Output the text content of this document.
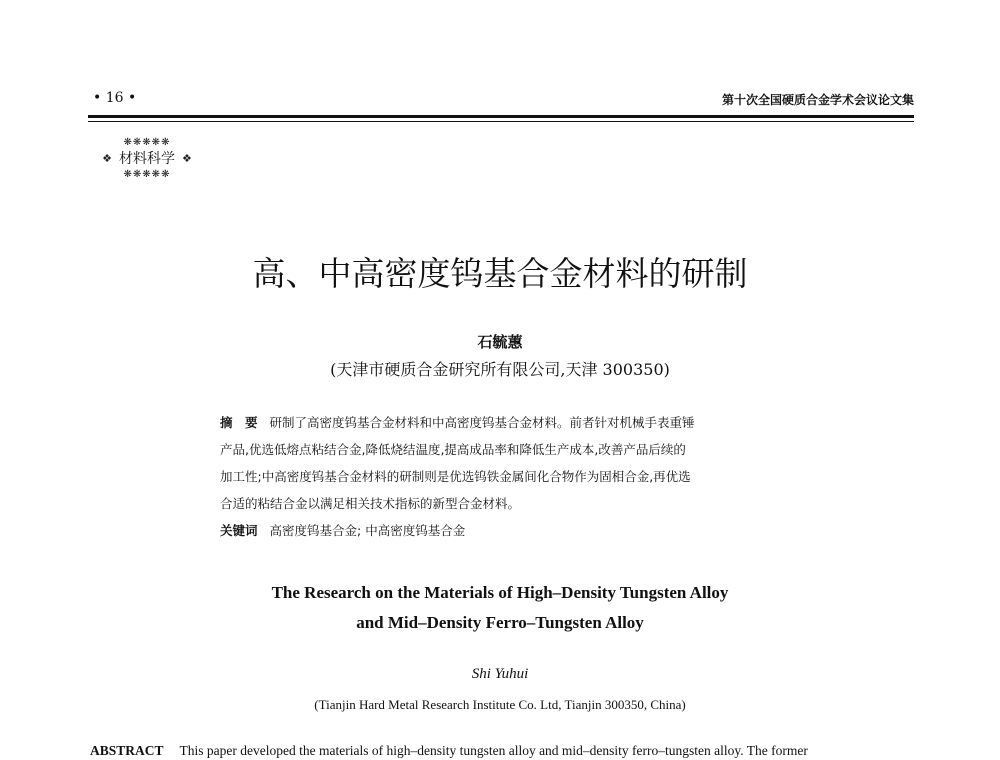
• 16 •	第十次全国硬质合金学术会议论文集
❋❋❋❋❋
❖ 材料科学 ❖
❋❋❋❋❋
高、中高密度钨基合金材料的研制
石毓蕙
(天津市硬质合金研究所有限公司,天津 300350)
摘　要 研制了高密度钨基合金材料和中高密度钨基合金材料。前者针对机械手表重锤
产品,优选低熔点粘结合金,降低烧结温度,提高成品率和降低生产成本,改善产品后续的
加工性;中高密度钨基合金材料的研制则是优选钨铁金属间化合物作为固相合金,再优选
合适的粘结合金以满足相关技术指标的新型合金材料。
关键词 高密度钨基合金; 中高密度钨基合金
The Research on the Materials of High–Density Tungsten Alloy
and Mid–Density Ferro–Tungsten Alloy
Shi Yuhui
(Tianjin Hard Metal Research Institute Co. Ltd, Tianjin 300350, China)
ABSTRACT This paper developed the materials of high–density tungsten alloy and mid–density ferro–tungsten alloy. The former
